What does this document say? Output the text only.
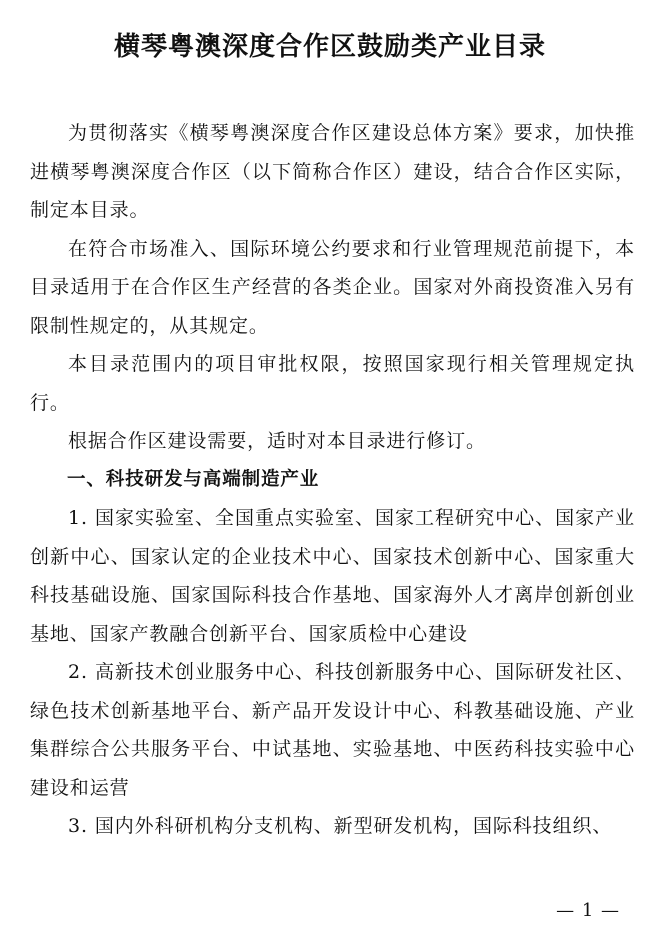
横琴粤澳深度合作区鼓励类产业目录

为贯彻落实《横琴粤澳深度合作区建设总体方案》要求，加快推进横琴粤澳深度合作区（以下简称合作区）建设，结合合作区实际，制定本目录。

在符合市场准入、国际环境公约要求和行业管理规范前提下，本目录适用于在合作区生产经营的各类企业。国家对外商投资准入另有限制性规定的，从其规定。

本目录范围内的项目审批权限，按照国家现行相关管理规定执行。

根据合作区建设需要，适时对本目录进行修订。

一、科技研发与高端制造产业

1. 国家实验室、全国重点实验室、国家工程研究中心、国家产业创新中心、国家认定的企业技术中心、国家技术创新中心、国家重大科技基础设施、国家国际科技合作基地、国家海外人才离岸创新创业基地、国家产教融合创新平台、国家质检中心建设

2. 高新技术创业服务中心、科技创新服务中心、国际研发社区、绿色技术创新基地平台、新产品开发设计中心、科教基础设施、产业集群综合公共服务平台、中试基地、实验基地、中医药科技实验中心建设和运营

3. 国内外科研机构分支机构、新型研发机构，国际科技组织、

— 1 —
